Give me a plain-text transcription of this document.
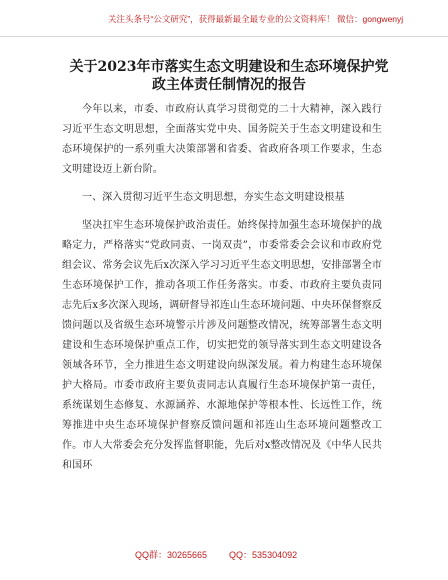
关注头条号“公文研究”，获得最新最全最专业的公文资料库！ 微信：gongwenyj
关于2023年市落实生态文明建设和生态环境保护党政主体责任制情况的报告

今年以来，市委、市政府认真学习贯彻党的二十大精神，深入践行习近平生态文明思想，全面落实党中央、国务院关于生态文明建设和生态环境保护的一系列重大决策部署和省委、省政府各项工作要求，生态文明建设迈上新台阶。

一、深入贯彻习近平生态文明思想，夯实生态文明建设根基

坚决扛牢生态环境保护政治责任。始终保持加强生态环境保护的战略定力，严格落实“党政同责、一岗双责”，市委常委会会议和市政府党组会议、常务会议先后x次深入学习习近平生态文明思想，安排部署全市生态环境保护工作，推动各项工作任务落实。市委、市政府主要负责同志先后x多次深入现场，调研督导祁连山生态环境问题、中央环保督察反馈问题以及省级生态环境警示片涉及问题整改情况，统筹部署生态文明建设和生态环境保护重点工作，切实把党的领导落实到生态文明建设各领域各环节，全力推进生态文明建设向纵深发展。着力构建生态环境保护大格局。市委市政府主要负责同志认真履行生态环境保护第一责任，系统谋划生态修复、水源涵养、水源地保护等根本性、长远性工作，统筹推进中央生态环境保护督察反馈问题和祁连山生态环境问题整改工作。市人大常委会充分发挥监督职能，先后对x整改情况及《中华人民共和国环

QQ群：30265665 QQ：535304092
